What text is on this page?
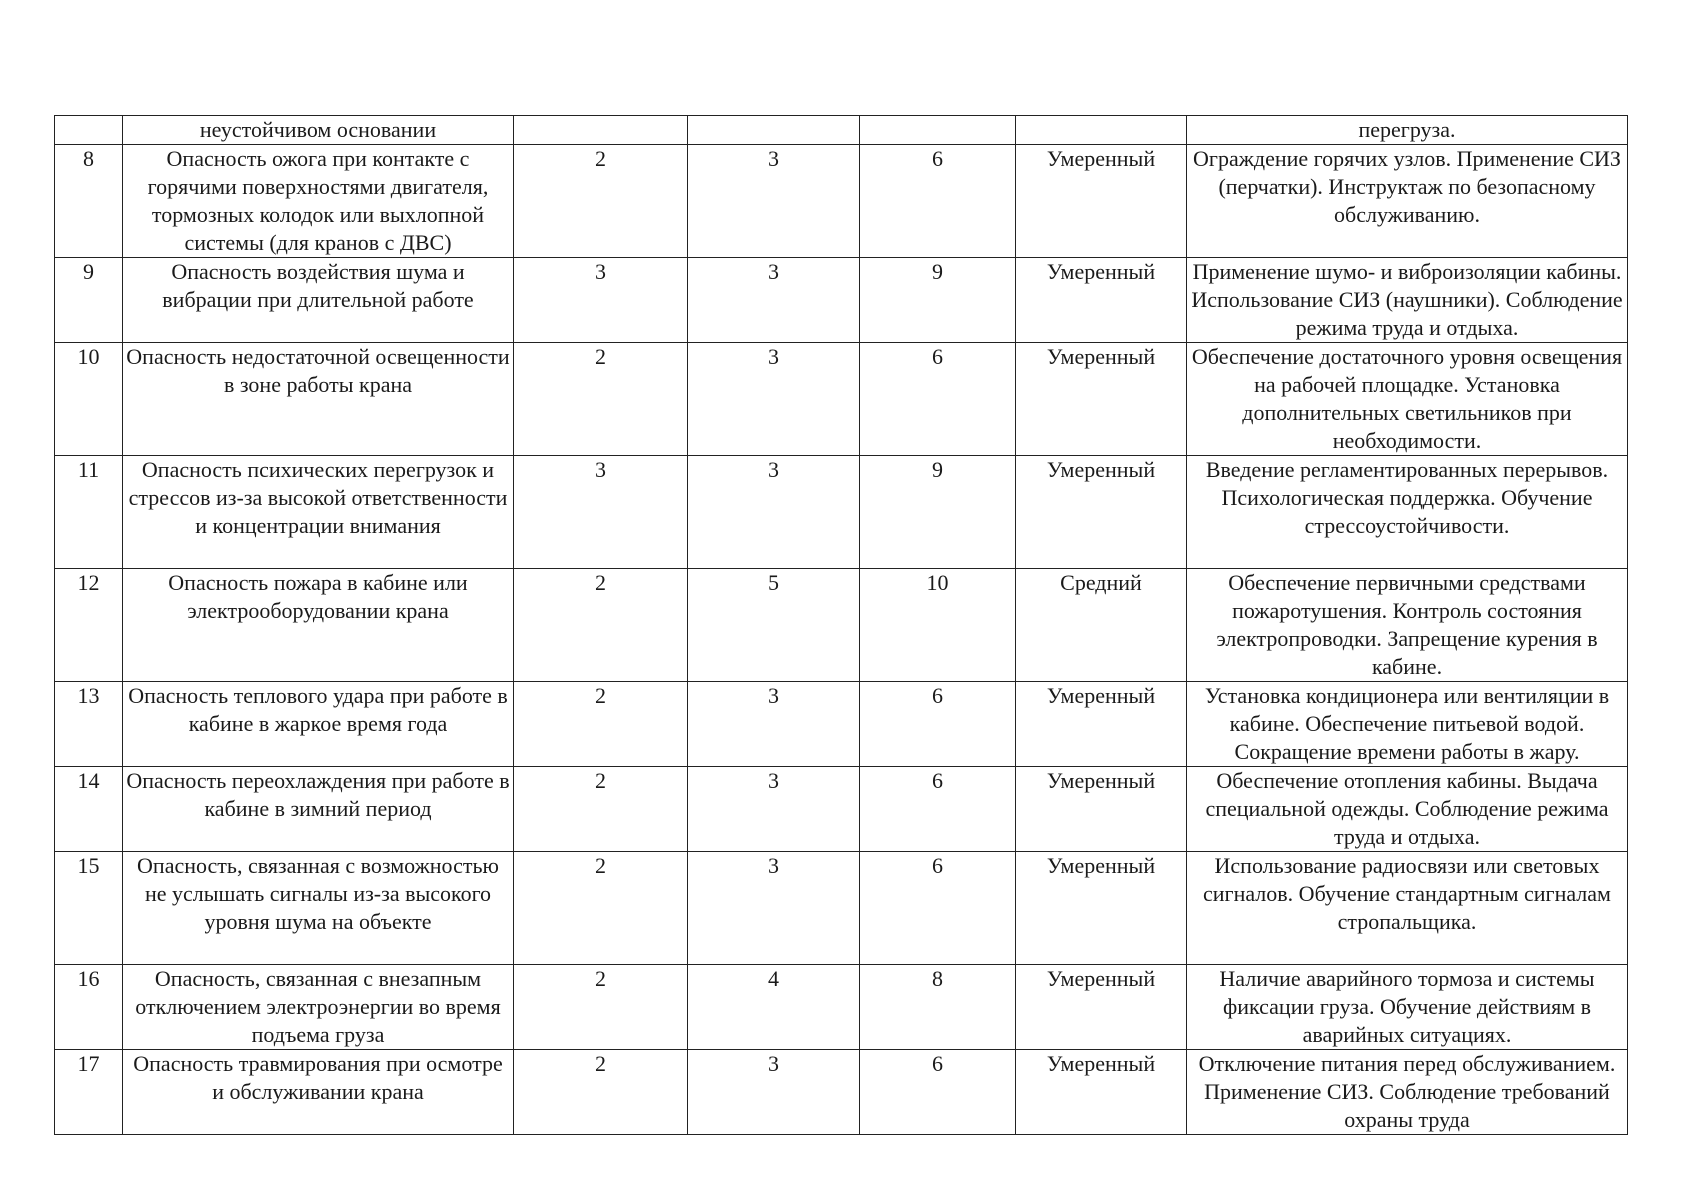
	неустойчивом основании					перегруза.
8	Опасность ожога при контакте с горячими поверхностями двигателя, тормозных колодок или выхлопной системы (для кранов с ДВС)	2	3	6	Умеренный	Ограждение горячих узлов. Применение СИЗ (перчатки). Инструктаж по безопасному обслуживанию.
9	Опасность воздействия шума и вибрации при длительной работе	3	3	9	Умеренный	Применение шумо- и виброизоляции кабины. Использование СИЗ (наушники). Соблюдение режима труда и отдыха.
10	Опасность недостаточной освещенности в зоне работы крана	2	3	6	Умеренный	Обеспечение достаточного уровня освещения на рабочей площадке. Установка дополнительных светильников при необходимости.
11	Опасность психических перегрузок и стрессов из-за высокой ответственности и концентрации внимания	3	3	9	Умеренный	Введение регламентированных перерывов. Психологическая поддержка. Обучение стрессоустойчивости.
12	Опасность пожара в кабине или электрооборудовании крана	2	5	10	Средний	Обеспечение первичными средствами пожаротушения. Контроль состояния электропроводки. Запрещение курения в кабине.
13	Опасность теплового удара при работе в кабине в жаркое время года	2	3	6	Умеренный	Установка кондиционера или вентиляции в кабине. Обеспечение питьевой водой. Сокращение времени работы в жару.
14	Опасность переохлаждения при работе в кабине в зимний период	2	3	6	Умеренный	Обеспечение отопления кабины. Выдача специальной одежды. Соблюдение режима труда и отдыха.
15	Опасность, связанная с возможностью не услышать сигналы из-за высокого уровня шума на объекте	2	3	6	Умеренный	Использование радиосвязи или световых сигналов. Обучение стандартным сигналам стропальщика.
16	Опасность, связанная с внезапным отключением электроэнергии во время подъема груза	2	4	8	Умеренный	Наличие аварийного тормоза и системы фиксации груза. Обучение действиям в аварийных ситуациях.
17	Опасность травмирования при осмотре и обслуживании крана	2	3	6	Умеренный	Отключение питания перед обслуживанием. Применение СИЗ. Соблюдение требований охраны труда
